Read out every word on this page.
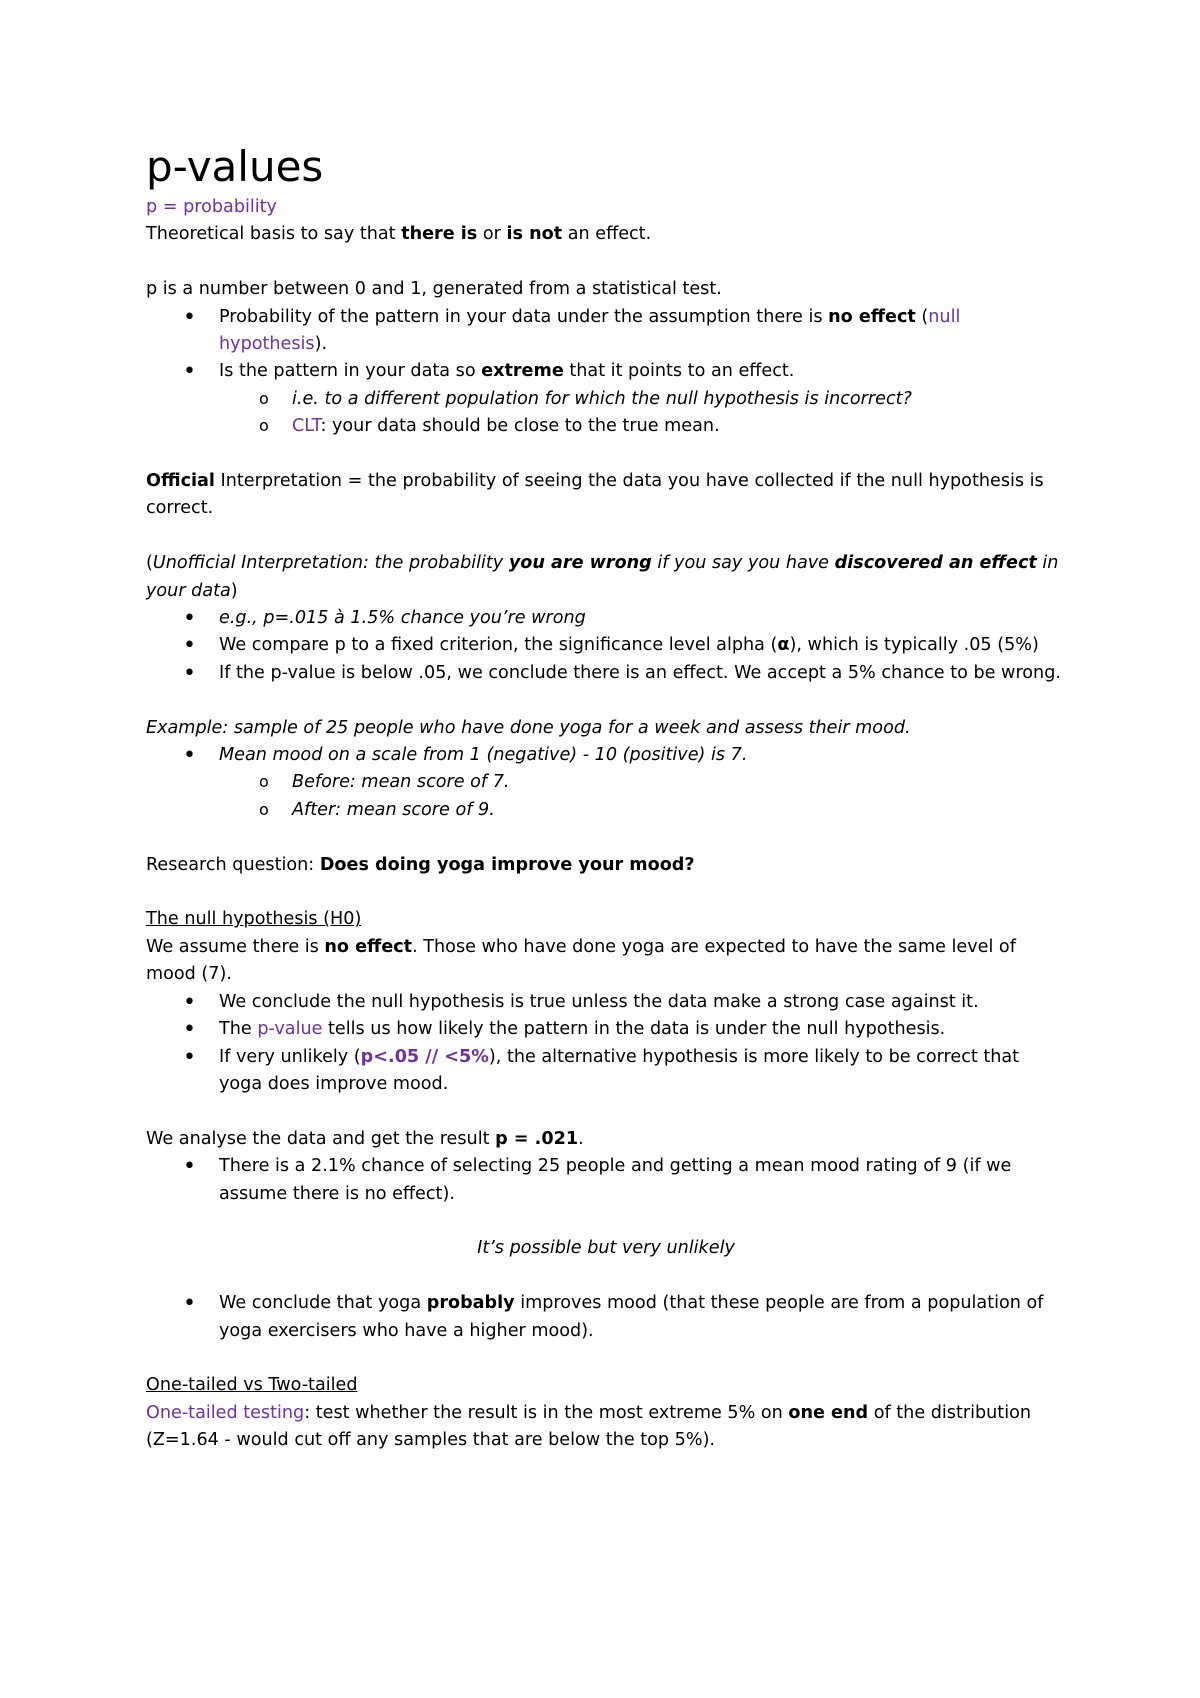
p-values

p = probability

Theoretical basis to say that there is or is not an effect.

p is a number between 0 and 1, generated from a statistical test.

• Probability of the pattern in your data under the assumption there is no effect (null hypothesis).
• Is the pattern in your data so extreme that it points to an effect.
o i.e. to a different population for which the null hypothesis is incorrect?
o CLT: your data should be close to the true mean.

Official Interpretation = the probability of seeing the data you have collected if the null hypothesis is correct.

(Unofficial Interpretation: the probability you are wrong if you say you have discovered an effect in your data)

• e.g., p=.015 à 1.5% chance you’re wrong
• We compare p to a fixed criterion, the significance level alpha (α), which is typically .05 (5%)
• If the p-value is below .05, we conclude there is an effect. We accept a 5% chance to be wrong.

Example: sample of 25 people who have done yoga for a week and assess their mood.

• Mean mood on a scale from 1 (negative) - 10 (positive) is 7.
o Before: mean score of 7.
o After: mean score of 9.

Research question: Does doing yoga improve your mood?

The null hypothesis (H0)

We assume there is no effect. Those who have done yoga are expected to have the same level of mood (7).

• We conclude the null hypothesis is true unless the data make a strong case against it.
• The p-value tells us how likely the pattern in the data is under the null hypothesis.
• If very unlikely (p<.05 // <5%), the alternative hypothesis is more likely to be correct that yoga does improve mood.

We analyse the data and get the result p = .021.

• There is a 2.1% chance of selecting 25 people and getting a mean mood rating of 9 (if we assume there is no effect).

It’s possible but very unlikely

• We conclude that yoga probably improves mood (that these people are from a population of yoga exercisers who have a higher mood).

One-tailed vs Two-tailed

One-tailed testing: test whether the result is in the most extreme 5% on one end of the distribution (Z=1.64 - would cut off any samples that are below the top 5%).
